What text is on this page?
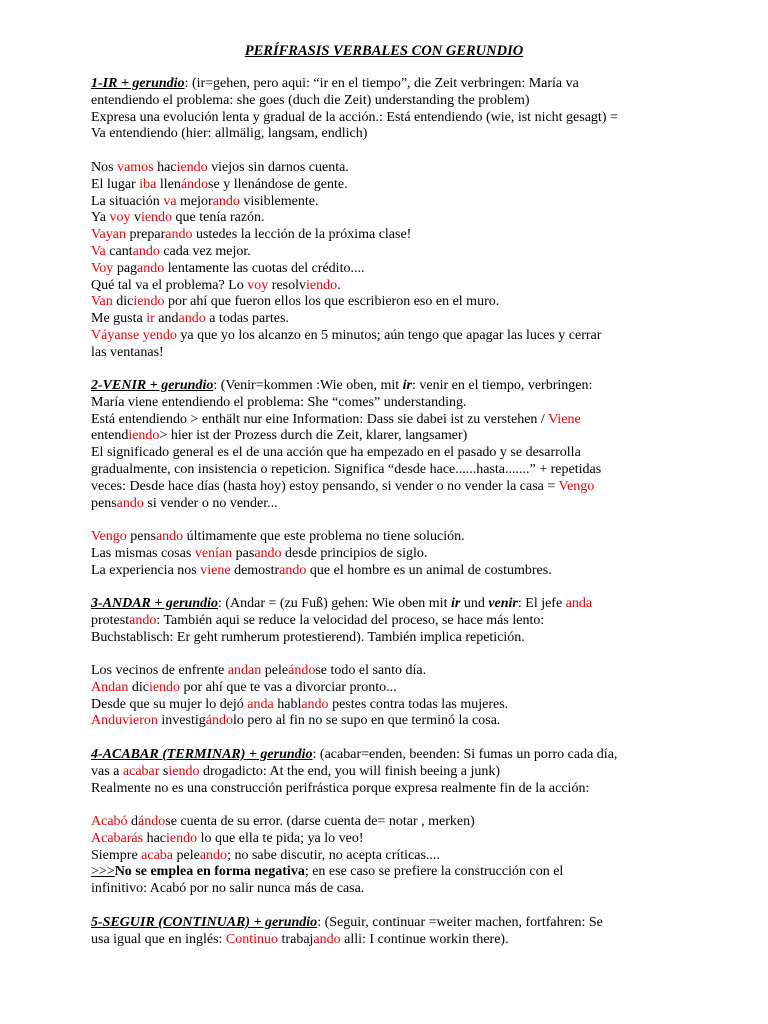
PERÍFRASIS VERBALES CON GERUNDIO
1-IR + gerundio: (ir=gehen, pero aqui: “ir en el tiempo”, die Zeit verbringen: María va
entendiendo el problema: she goes (duch die Zeit) understanding the problem)
Expresa una evolución lenta y gradual de la acción.: Está entendiendo (wie, ist nicht gesagt) =
Va entendiendo (hier: allmälig, langsam, endlich)
Nos vamos haciendo viejos sin darnos cuenta.
El lugar iba llenándose y llenándose de gente.
La situación va mejorando visiblemente.
Ya voy viendo que tenía razón.
Vayan preparando ustedes la lección de la próxima clase!
Va cantando cada vez mejor.
Voy pagando lentamente las cuotas del crédito....
Qué tal va el problema? Lo voy resolviendo.
Van diciendo por ahí que fueron ellos los que escribieron eso en el muro.
Me gusta ir andando a todas partes.
Váyanse yendo ya que yo los alcanzo en 5 minutos; aún tengo que apagar las luces y cerrar
las ventanas!
2-VENIR + gerundio: (Venir=kommen :Wie oben, mit ir: venir en el tiempo, verbringen:
María viene entendiendo el problema: She “comes” understanding.
Está entendiendo > enthält nur eine Information: Dass sie dabei ist zu verstehen / Viene
entendiendo> hier ist der Prozess durch die Zeit, klarer, langsamer)
El significado general es el de una acción que ha empezado en el pasado y se desarrolla
gradualmente, con insistencia o repeticion. Significa “desde hace......hasta.......” + repetidas
veces: Desde hace días (hasta hoy) estoy pensando, si vender o no vender la casa = Vengo
pensando si vender o no vender...
Vengo pensando últimamente que este problema no tiene solución.
Las mismas cosas venían pasando desde principios de siglo.
La experiencia nos viene demostrando que el hombre es un animal de costumbres.
3-ANDAR + gerundio: (Andar = (zu Fuß) gehen: Wie oben mit ir und venir: El jefe anda
protestando: También aqui se reduce la velocidad del proceso, se hace más lento:
Buchstablisch: Er geht rumherum protestierend). También implica repetición.
Los vecinos de enfrente andan peleándose todo el santo día.
Andan diciendo por ahí que te vas a divorciar pronto...
Desde que su mujer lo dejó anda hablando pestes contra todas las mujeres.
Anduvieron investigándolo pero al fin no se supo en que terminó la cosa.
4-ACABAR (TERMINAR) + gerundio: (acabar=enden, beenden: Si fumas un porro cada día,
vas a acabar siendo drogadicto: At the end, you will finish beeing a junk)
Realmente no es una construcción perifrástica porque expresa realmente fin de la acción:
Acabó dándose cuenta de su error. (darse cuenta de= notar , merken)
Acabarás haciendo lo que ella te pida; ya lo veo!
Siempre acaba peleando; no sabe discutir, no acepta críticas....
>>>No se emplea en forma negativa; en ese caso se prefiere la construcción con el
infinitivo: Acabó por no salir nunca más de casa.
5-SEGUIR (CONTINUAR) + gerundio: (Seguir, continuar =weiter machen, fortfahren: Se
usa igual que en inglés: Continuo trabajando alli: I continue workin there).
